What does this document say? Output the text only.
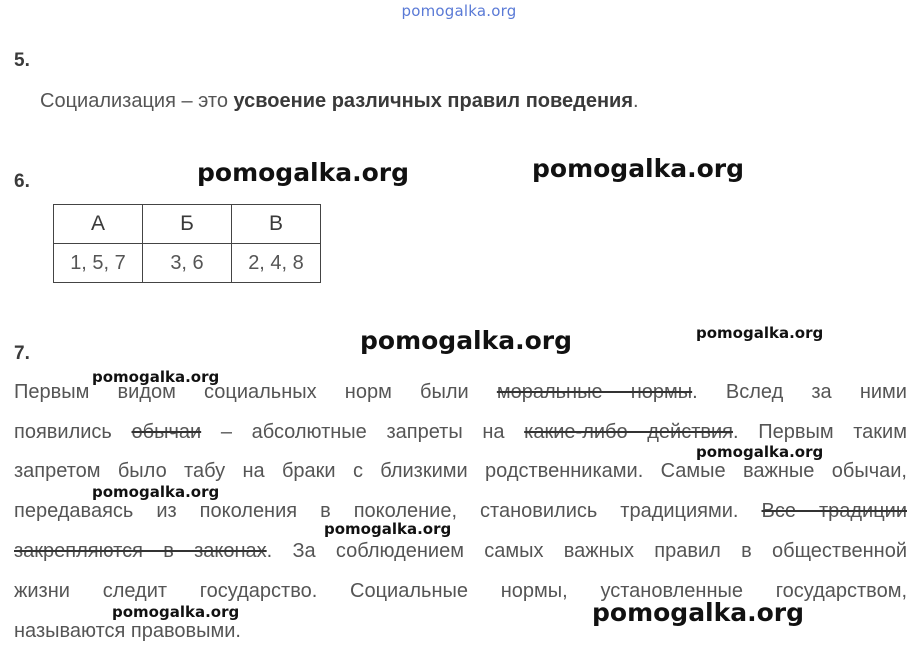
pomogalka.org
5.
Социализация – это усвоение различных правил поведения.
6.	pomogalka.org	pomogalka.org
А	Б	В
1, 5, 7	3, 6	2, 4, 8
7.	pomogalka.org	pomogalka.org
Первым видом социальных норм были моральные нормы. Вслед за ними
появились обычаи – абсолютные запреты на какие-либо действия. Первым таким
запретом было табу на браки с близкими родственниками. Самые важные обычаи,
передаваясь из поколения в поколение, становились традициями. Все традиции
закрепляются в законах. За соблюдением самых важных правил в общественной
жизни следит государство. Социальные нормы, установленные государством,
называются правовыми.
pomogalka.org
pomogalka.org
pomogalka.org
pomogalka.org
pomogalka.org	pomogalka.org
